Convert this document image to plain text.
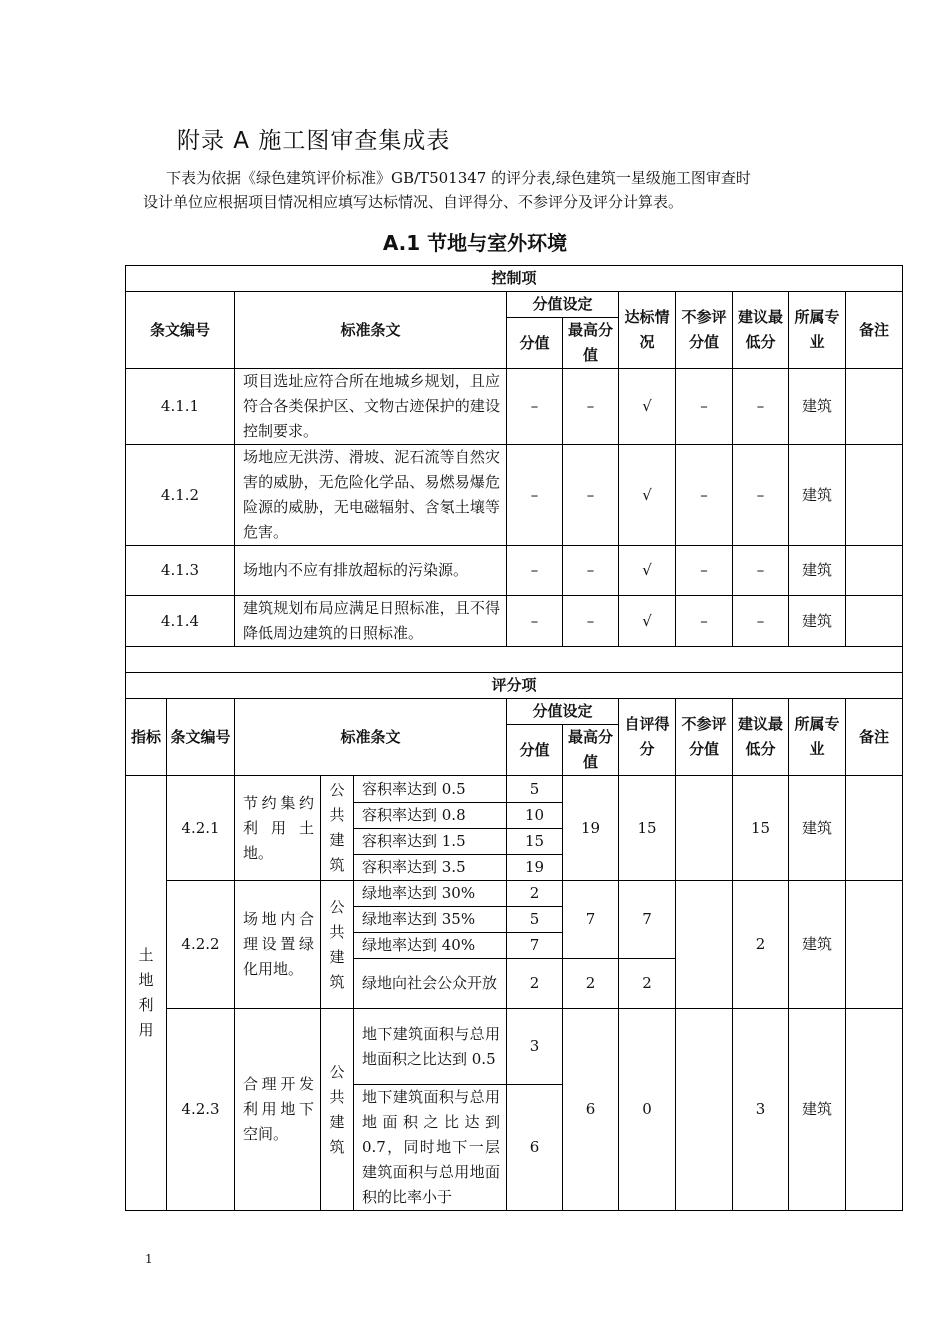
附录 A 施工图审查集成表
下表为依据《绿色建筑评价标准》GB/T501347 的评分表,绿色建筑一星级施工图审查时
设计单位应根据项目情况相应填写达标情况、自评得分、不参评分及评分计算表。
A.1 节地与室外环境
控制项											
条文编号		标准条文			分值设定		达标情况	不参评分值	建议最低分	所属专业	备注
					分值	最高分值					
4.1.1		项目选址应符合所在地城乡规划，且应符合各类保护区、文物古迹保护的建设控制要求。			–	–	√	–	–	建筑	
4.1.2		场地应无洪涝、滑坡、泥石流等自然灾害的威胁，无危险化学品、易燃易爆危险源的威胁，无电磁辐射、含氡土壤等危害。			–	–	√	–	–	建筑	
4.1.3		场地内不应有排放超标的污染源。			–	–	√	–	–	建筑	
4.1.4		建筑规划布局应满足日照标准，且不得降低周边建筑的日照标准。			–	–	√	–	–	建筑	

评分项											
指标	条文编号	标准条文			分值设定		自评得分	不参评分值	建议最低分	所属专业	备注
					分值	最高分值					
土地利用	4.2.1	节约集约利用土地。	公共建筑	容积率达到 0.5	5	19	15		15	建筑	
				容积率达到 0.8	10						
				容积率达到 1.5	15						
				容积率达到 3.5	19						
	4.2.2	场地内合理设置绿化用地。	公共建筑	绿地率达到 30%	2	7	7		2	建筑	
				绿地率达到 35%	5						
				绿地率达到 40%	7						
				绿地向社会公众开放	2	2	2				
	4.2.3	合理开发利用地下空间。	公共建筑	地下建筑面积与总用地面积之比达到 0.5	3	6	0		3	建筑	
				地下建筑面积与总用地面积之比达到 0.7，同时地下一层建筑面积与总用地面积的比率小于	6						
1
